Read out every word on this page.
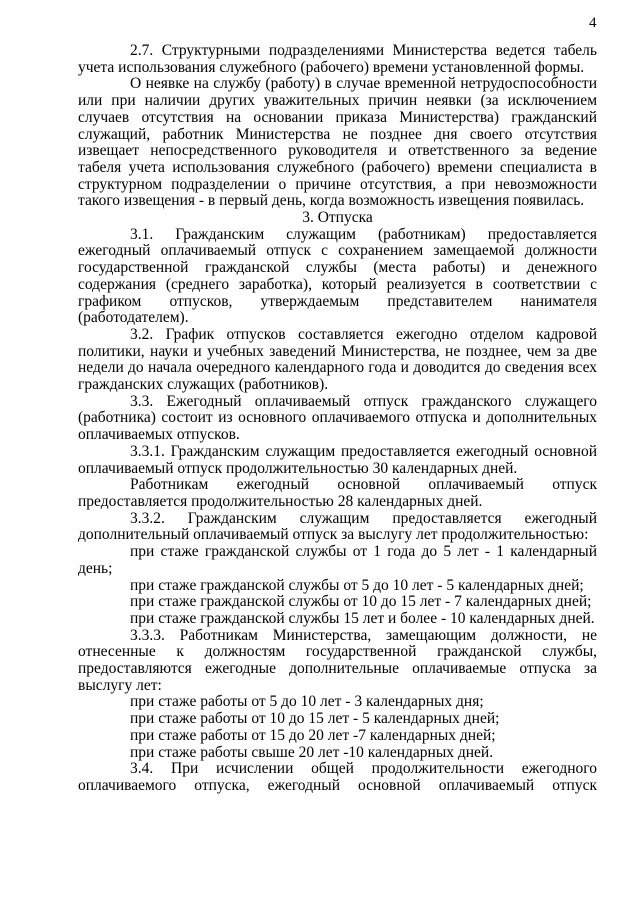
4

2.7. Структурными подразделениями Министерства ведется табель учета использования служебного (рабочего) времени установленной формы.

О неявке на службу (работу) в случае временной нетрудоспособности или при наличии других уважительных причин неявки (за исключением случаев отсутствия на основании приказа Министерства) гражданский служащий, работник Министерства не позднее дня своего отсутствия извещает непосредственного руководителя и ответственного за ведение табеля учета использования служебного (рабочего) времени специалиста в структурном подразделении о причине отсутствия, а при невозможности такого извещения - в первый день, когда возможность извещения появилась.

3. Отпуска

3.1. Гражданским служащим (работникам) предоставляется ежегодный оплачиваемый отпуск с сохранением замещаемой должности государственной гражданской службы (места работы) и денежного содержания (среднего заработка), который реализуется в соответствии с графиком отпусков, утверждаемым представителем нанимателя (работодателем).

3.2. График отпусков составляется ежегодно отделом кадровой политики, науки и учебных заведений Министерства, не позднее, чем за две недели до начала очередного календарного года и доводится до сведения всех гражданских служащих (работников).

3.3. Ежегодный оплачиваемый отпуск гражданского служащего (работника) состоит из основного оплачиваемого отпуска и дополнительных оплачиваемых отпусков.

3.3.1. Гражданским служащим предоставляется ежегодный основной оплачиваемый отпуск продолжительностью 30 календарных дней.

Работникам ежегодный основной оплачиваемый отпуск

предоставляется продолжительностью 28 календарных дней.

3.3.2. Гражданским служащим предоставляется ежегодный дополнительный оплачиваемый отпуск за выслугу лет продолжительностью:

при стаже гражданской службы от 1 года до 5 лет - 1 календарный день;

при стаже гражданской службы от 5 до 10 лет - 5 календарных дней;

при стаже гражданской службы от 10 до 15 лет - 7 календарных дней;

при стаже гражданской службы 15 лет и более - 10 календарных дней.

3.3.3. Работникам Министерства, замещающим должности, не отнесенные к должностям государственной гражданской службы, предоставляются ежегодные дополнительные оплачиваемые отпуска за выслугу лет:

при стаже работы от 5 до 10 лет - 3 календарных дня;

при стаже работы от 10 до 15 лет - 5 календарных дней;

при стаже работы от 15 до 20 лет -7 календарных дней;

при стаже работы свыше 20 лет -10 календарных дней.

3.4. При исчислении общей продолжительности ежегодного оплачиваемого отпуска, ежегодный основной оплачиваемый отпуск
